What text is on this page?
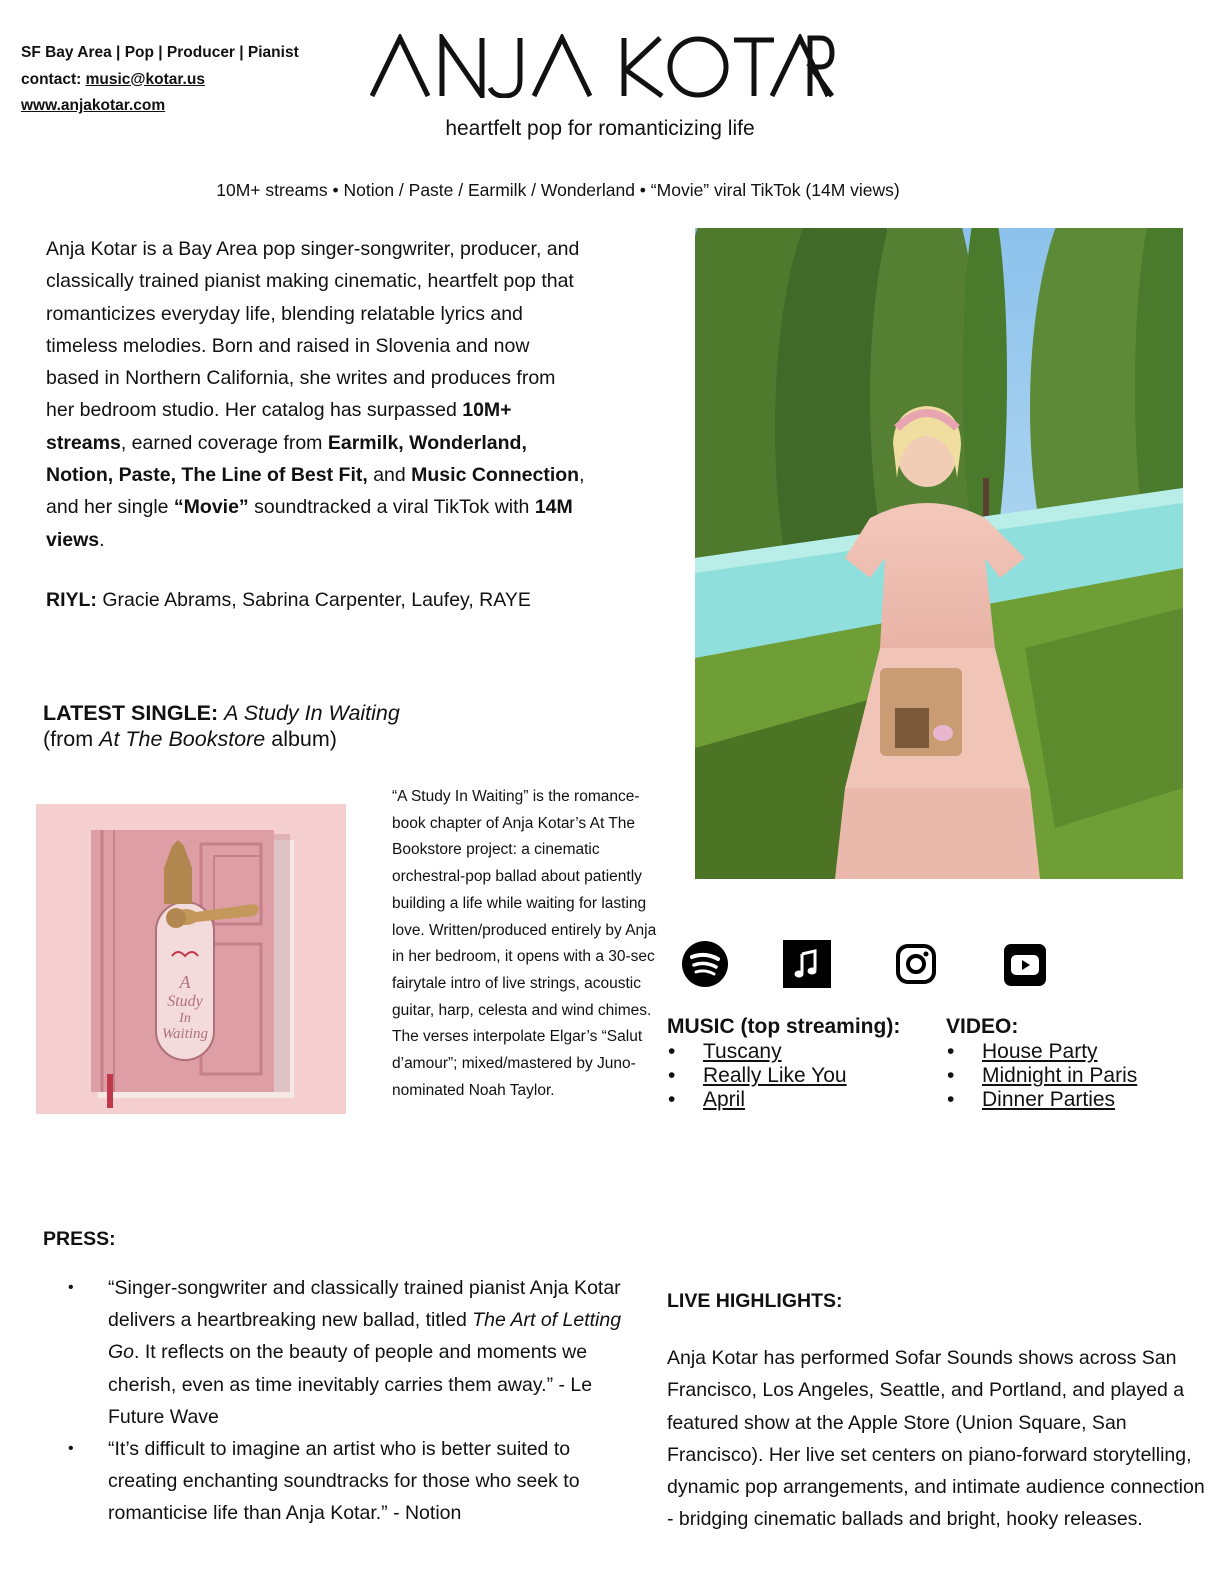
SF Bay Area | Pop | Producer | Pianist
contact: music@kotar.us
www.anjakotar.com
heartfelt pop for romanticizing life
10M+ streams • Notion / Paste / Earmilk / Wonderland • “Movie” viral TikTok (14M views)
Anja Kotar is a Bay Area pop singer-songwriter, producer, and classically trained pianist making cinematic, heartfelt pop that romanticizes everyday life, blending relatable lyrics and timeless melodies. Born and raised in Slovenia and now based in Northern California, she writes and produces from her bedroom studio. Her catalog has surpassed 10M+ streams, earned coverage from Earmilk, Wonderland, Notion, Paste, The Line of Best Fit, and Music Connection, and her single “Movie” soundtracked a viral TikTok with 14M views.
RIYL: Gracie Abrams, Sabrina Carpenter, Laufey, RAYE
LATEST SINGLE: A Study In Waiting
(from At The Bookstore album)
A
Study
In
Waiting
“A Study In Waiting” is the romance-book chapter of Anja Kotar’s At The Bookstore project: a cinematic orchestral-pop ballad about patiently building a life while waiting for lasting love. Written/produced entirely by Anja in her bedroom, it opens with a 30-sec fairytale intro of live strings, acoustic guitar, harp, celesta and wind chimes. The verses interpolate Elgar’s “Salut d’amour”; mixed/mastered by Juno-nominated Noah Taylor.
MUSIC (top streaming):
•	Tuscany
•	Really Like You
•	April
VIDEO:
•	House Party
•	Midnight in Paris
•	Dinner Parties
PRESS:
•	“Singer-songwriter and classically trained pianist Anja Kotar delivers a heartbreaking new ballad, titled The Art of Letting Go. It reflects on the beauty of people and moments we cherish, even as time inevitably carries them away.” - Le Future Wave
•	“It’s difficult to imagine an artist who is better suited to creating enchanting soundtracks for those who seek to romanticise life than Anja Kotar.” - Notion
LIVE HIGHLIGHTS:
Anja Kotar has performed Sofar Sounds shows across San Francisco, Los Angeles, Seattle, and Portland, and played a featured show at the Apple Store (Union Square, San Francisco). Her live set centers on piano-forward storytelling, dynamic pop arrangements, and intimate audience connection - bridging cinematic ballads and bright, hooky releases.
